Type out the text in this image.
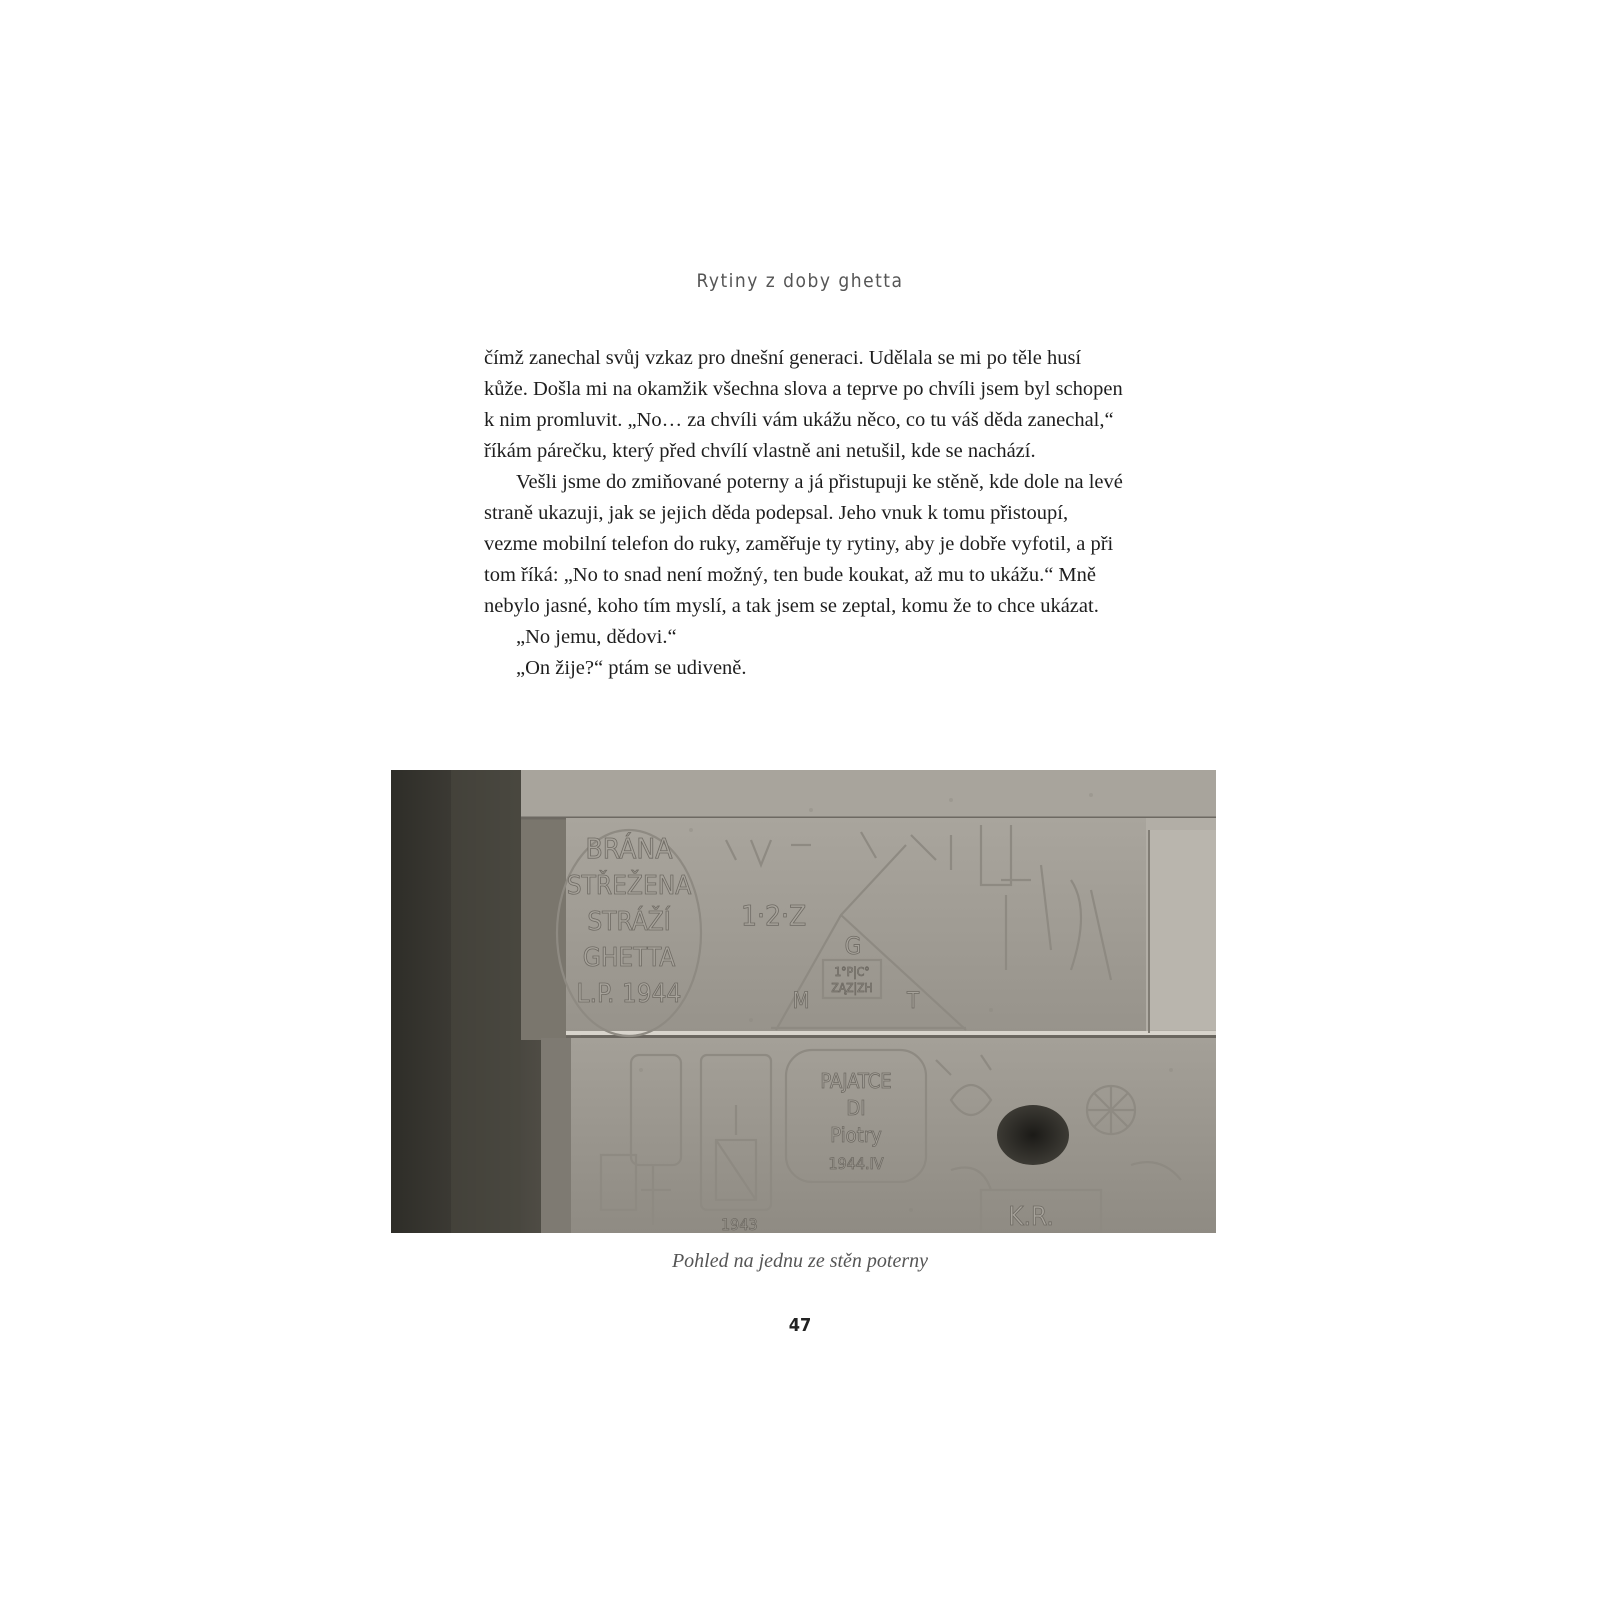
Rytiny z doby ghetta

čímž zanechal svůj vzkaz pro dnešní generaci. Udělala se mi po těle husí kůže. Došla mi na okamžik všechna slova a teprve po chvíli jsem byl schopen k nim promluvit. „No… za chvíli vám ukážu něco, co tu váš děda zanechal,“ říkám párečku, který před chvílí vlastně ani netušil, kde se nachází.

Vešli jsme do zmiňované poterny a já přistupuji ke stěně, kde dole na levé straně ukazuji, jak se jejich děda podepsal. Jeho vnuk k tomu přistoupí, vezme mobilní telefon do ruky, zaměřuje ty rytiny, aby je dobře vyfotil, a při tom říká: „No to snad není možný, ten bude koukat, až mu to ukážu.“ Mně nebylo jasné, koho tím myslí, a tak jsem se zeptal, komu že to chce ukázat.

„No jemu, dědovi.“

„On žije?“ ptám se udiveně.

BRÁNA
STŘEŽENA
STRÁŽÍ
GHETTA
L.P. 1944
1·2·Z
G
1°P|C°
ZĄZ|ZH
M	T
PAJATCE
DI
Piotry
1944.IV
K.R.
1943
Pohled na jednu ze stěn poterny
47
